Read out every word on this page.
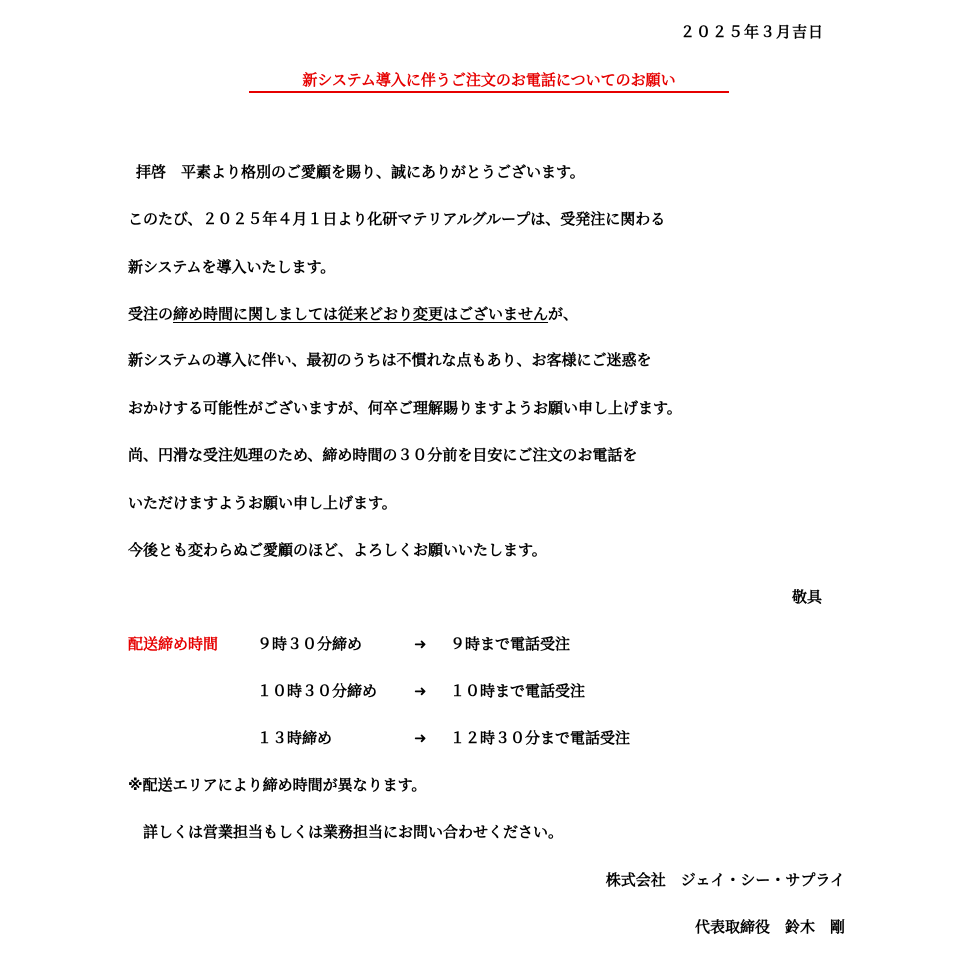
２０２５年３月吉日
新システム導入に伴うご注文のお電話についてのお願い
拝啓　平素より格別のご愛顧を賜り、誠にありがとうございます。
このたび、２０２５年４月１日より化研マテリアルグループは、受発注に関わる
新システムを導入いたします。
受注の締め時間に関しましては従来どおり変更はございませんが、
新システムの導入に伴い、最初のうちは不慣れな点もあり、お客様にご迷惑を
おかけする可能性がございますが、何卒ご理解賜りますようお願い申し上げます。
尚、円滑な受注処理のため、締め時間の３０分前を目安にご注文のお電話を
いただけますようお願い申し上げます。
今後とも変わらぬご愛顧のほど、よろしくお願いいたします。
敬具
配送締め時間	９時３０分締め	➜ ９時まで電話受注
１０時３０分締め ➜ １０時まで電話受注
１３時締め	➜ １２時３０分まで電話受注
※配送エリアにより締め時間が異なります。
詳しくは営業担当もしくは業務担当にお問い合わせください。
株式会社　ジェイ・シー・サプライ
代表取締役　鈴木　剛
